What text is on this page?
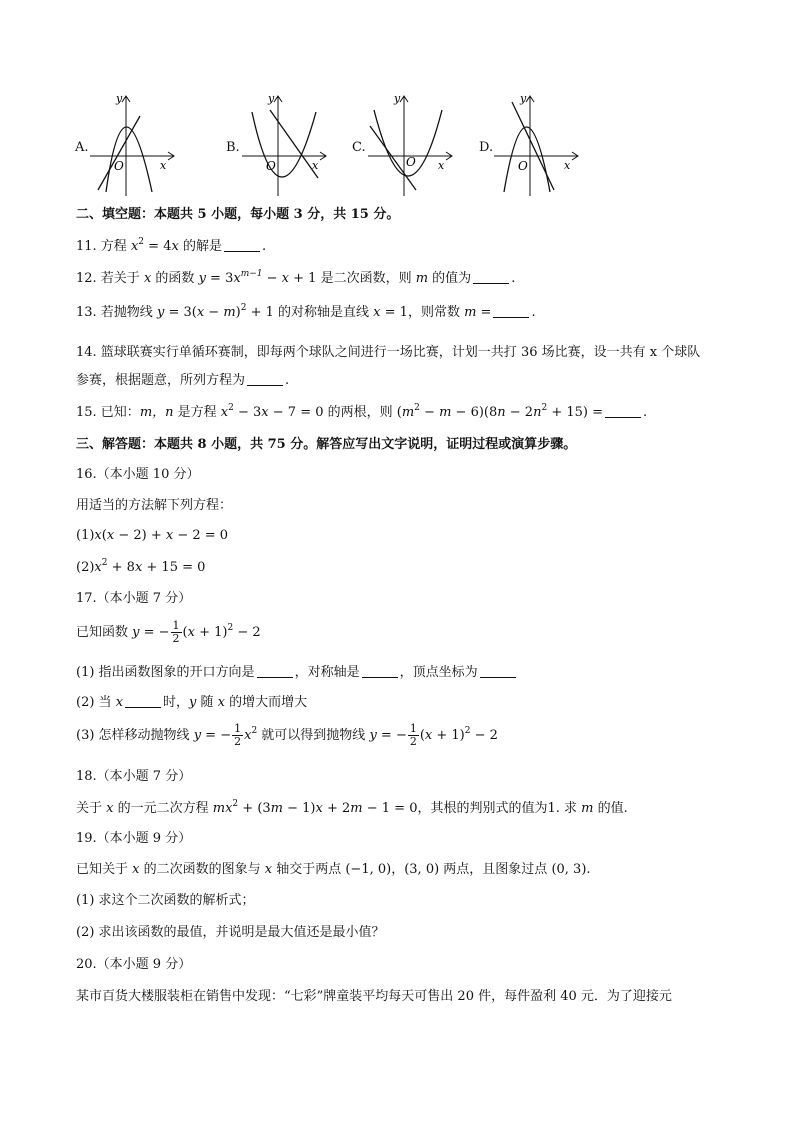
A.
y
x
O
B.
y
x
O
C.
y
x
O
D.
y
x
O
二、填空题：本题共 5 小题，每小题 3 分，共 15 分。
11. 方程 $x^2 = 4x$ 的解是	.
12. 若关于 x 的函数 $y = 3x^{m-1} - x + 1$ 是二次函数，则 m 的值为	.
13. 若抛物线 $y = 3(x - m)^2 + 1$ 的对称轴是直线 x = 1，则常数 m =	.
14. 篮球联赛实行单循环赛制，即每两个球队之间进行一场比赛，计划一共打 36 场比赛，设一共有 x 个球队
参赛，根据题意，所列方程为	.
15. 已知：m，n 是方程 $x^2 - 3x - 7 = 0$ 的两根，则 $(m^2 - m - 6)(8n - 2n^2 + 15)$ =	.
三、解答题：本题共 8 小题，共 75 分。解答应写出文字说明，证明过程或演算步骤。
16.（本小题 10 分）
用适当的方法解下列方程：
(1)x(x − 2) + x − 2 = 0
$(2)x^2 + 8x + 15 = 0$
17.（本小题 7 分）
已知函数 y = − $\frac{1}{2} (x + 1)^2 - 2$
(1) 指出函数图象的开口方向是	，对称轴是	，顶点坐标为
(2) 当 x	时，y 随 x 的增大而增大
(3) 怎样移动抛物线 y = − $\frac{1}{2} x^2$ 就可以得到抛物线 y = − $\frac{1}{2} (x + 1)^2 - 2$
18.（本小题 7 分）
关于 x 的一元二次方程 $mx^2 + (3m - 1)x + 2m - 1 = 0$，其根的判别式的值为1. 求 m 的值.
19.（本小题 9 分）
已知关于 x 的二次函数的图象与 x 轴交于两点 (−1, 0)，(3, 0) 两点，且图象过点 (0, 3).
(1) 求这个二次函数的解析式；
(2) 求出该函数的最值，并说明是最大值还是最小值？
20.（本小题 9 分）
某市百货大楼服装柜在销售中发现：“七彩”牌童装平均每天可售出 20 件，每件盈利 40 元．为了迎接元
